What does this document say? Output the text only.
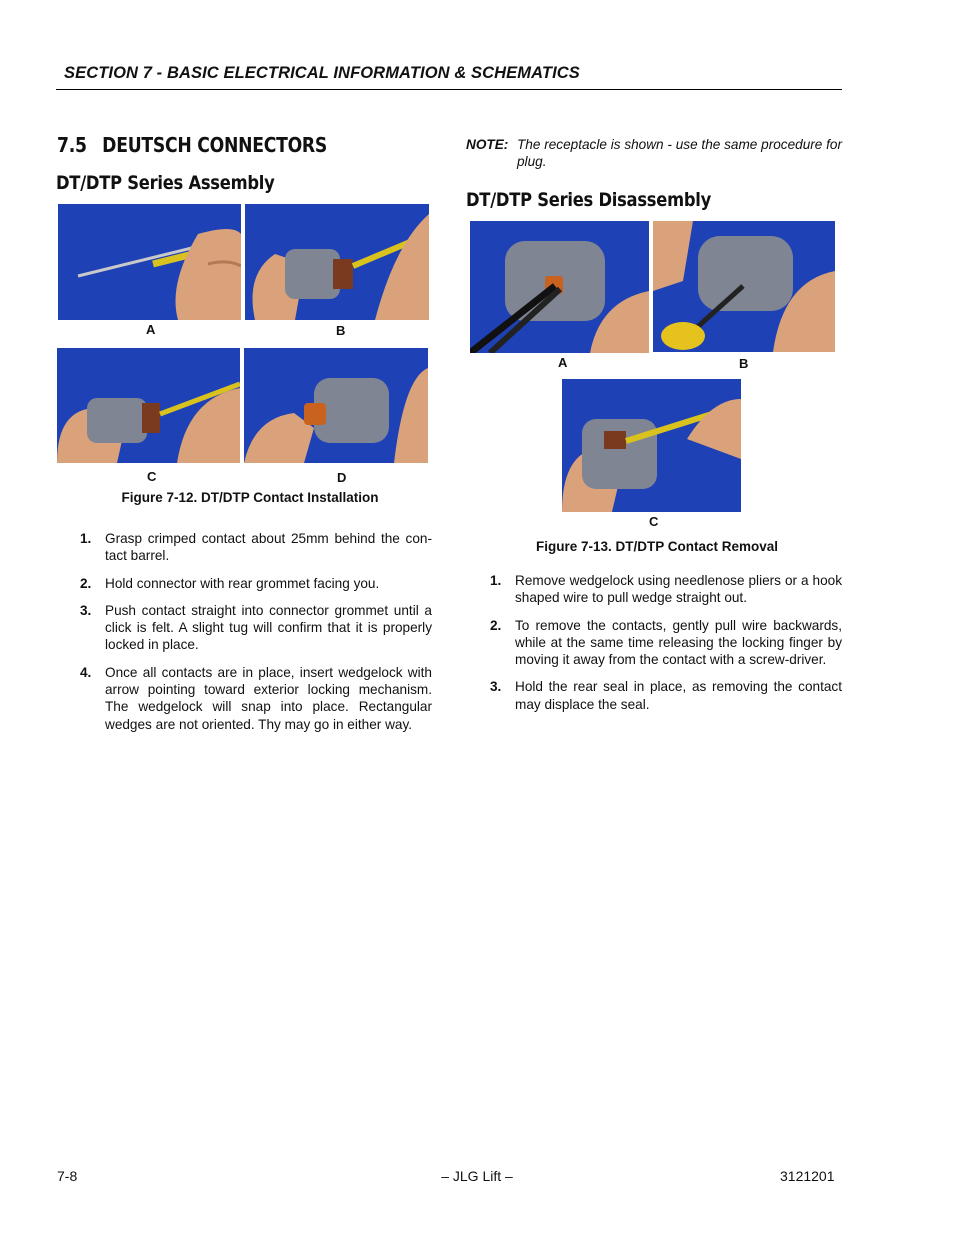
SECTION 7 - BASIC ELECTRICAL INFORMATION & SCHEMATICS
7.5 DEUTSCH CONNECTORS
DT/DTP Series Assembly
A	B
C	D
Figure 7-12. DT/DTP Contact Installation
1. Grasp crimped contact about 25mm behind the con-tact barrel.
2. Hold connector with rear grommet facing you.
3. Push contact straight into connector grommet until a click is felt. A slight tug will confirm that it is properly locked in place.
4. Once all contacts are in place, insert wedgelock with arrow pointing toward exterior locking mechanism. The wedgelock will snap into place. Rectangular wedges are not oriented. Thy may go in either way.
NOTE: The receptacle is shown - use the same procedure for plug.
DT/DTP Series Disassembly
A	B
C
Figure 7-13. DT/DTP Contact Removal
1. Remove wedgelock using needlenose pliers or a hook shaped wire to pull wedge straight out.
2. To remove the contacts, gently pull wire backwards, while at the same time releasing the locking finger by moving it away from the contact with a screw-driver.
3. Hold the rear seal in place, as removing the contact may displace the seal.
7-8	– JLG Lift –	3121201
